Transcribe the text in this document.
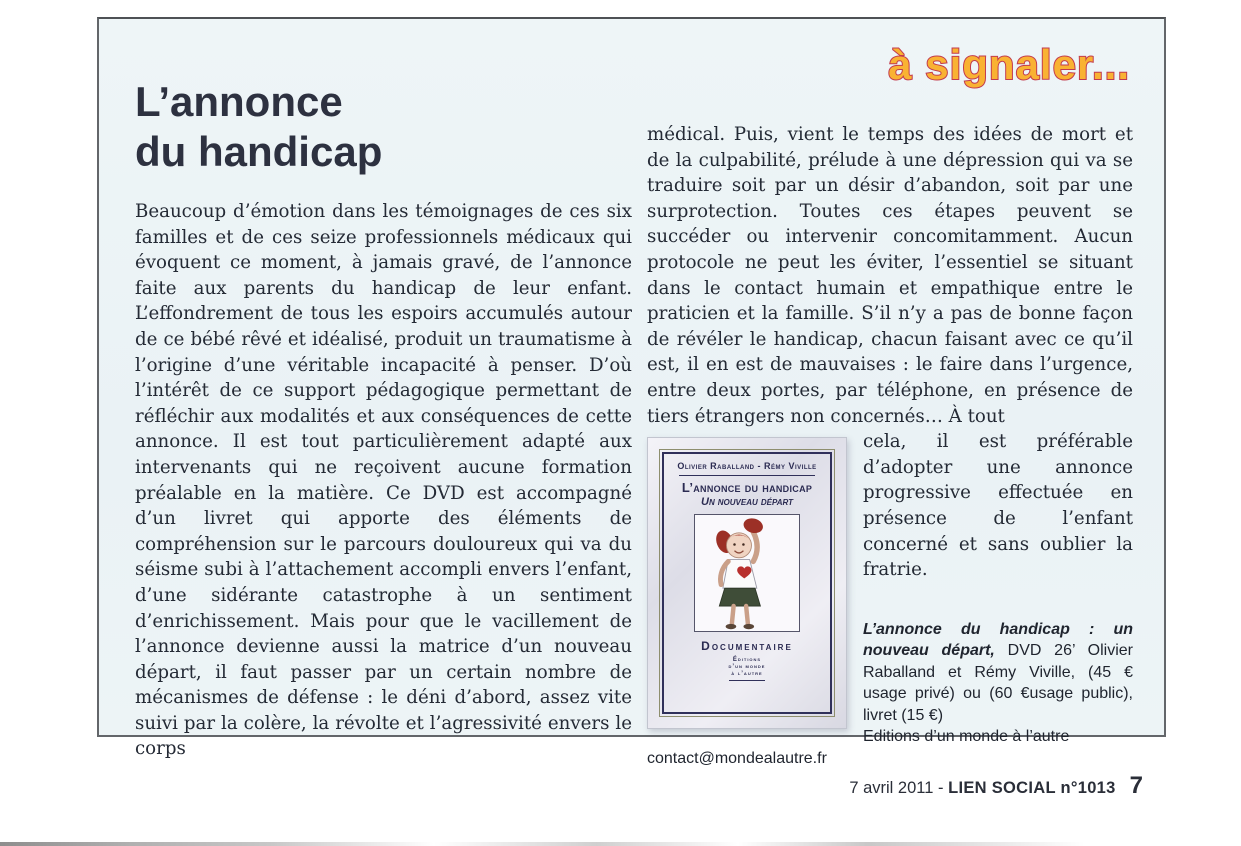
à signaler...
L’annonce
du handicap

Beaucoup d’émotion dans les témoignages de ces six familles et de ces seize professionnels médicaux qui évoquent ce moment, à jamais gravé, de l’annonce faite aux parents du handicap de leur enfant. L’effondrement de tous les espoirs accumulés autour de ce bébé rêvé et idéalisé, produit un traumatisme à l’origine d’une véritable incapacité à penser. D’où l’intérêt de ce support pédagogique permettant de réfléchir aux modalités et aux conséquences de cette annonce. Il est tout particulièrement adapté aux intervenants qui ne reçoivent aucune formation préalable en la matière. Ce DVD est accompagné d’un livret qui apporte des éléments de compréhension sur le parcours douloureux qui va du séisme subi à l’attachement accompli envers l’enfant, d’une sidérante catastrophe à un sentiment d’enrichissement. Mais pour que le vacillement de l’annonce devienne aussi la matrice d’un nouveau départ, il faut passer par un certain nombre de mécanismes de défense : le déni d’abord, assez vite suivi par la colère, la révolte et l’agressivité envers le corps

médical. Puis, vient le temps des idées de mort et de la culpabilité, prélude à une dépression qui va se traduire soit par un désir d’abandon, soit par une surprotection. Toutes ces étapes peuvent se succéder ou intervenir concomitamment. Aucun protocole ne peut les éviter, l’essentiel se situant dans le contact humain et empathique entre le praticien et la famille. S’il n’y a pas de bonne façon de révéler le handicap, chacun faisant avec ce qu’il est, il en est de mauvaises : le faire dans l’urgence, entre deux portes, par téléphone, en présence de tiers étrangers non concernés… À tout

Olivier Raballand - Rémy Viville
L’annonce du handicap
Un nouveau départ
Documentaire
Éditions
d’un monde
à l’autre

cela, il est préférable d’adopter une annonce progressive effectuée en présence de l’enfant concerné et sans oublier la fratrie.

L’annonce du handicap : un nouveau départ, DVD 26’ Olivier Raballand et Rémy Viville, (45 € usage privé) ou (60 €usage public), livret (15 €)

Editions d’un monde à l’autre
contact@mondealautre.fr
7 avril 2011 - LIEN SOCIAL n°1013 7
